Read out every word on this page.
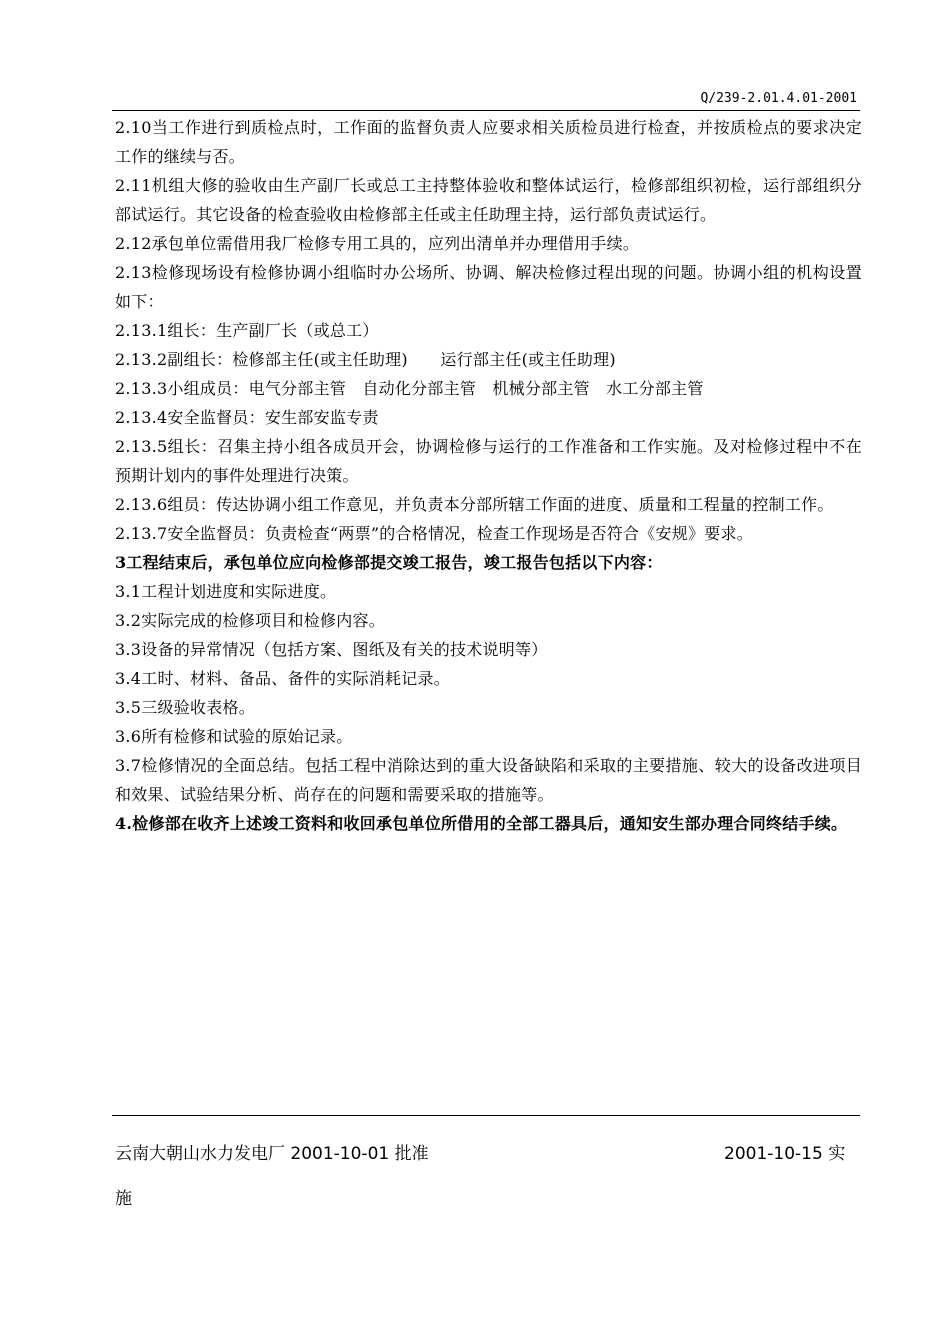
Q/239-2.01.4.01-2001

2.10当工作进行到质检点时，工作面的监督负责人应要求相关质检员进行检查，并按质检点的要求决定工作的继续与否。

2.11机组大修的验收由生产副厂长或总工主持整体验收和整体试运行，检修部组织初检，运行部组织分部试运行。其它设备的检查验收由检修部主任或主任助理主持，运行部负责试运行。

2.12承包单位需借用我厂检修专用工具的，应列出清单并办理借用手续。

2.13检修现场设有检修协调小组临时办公场所、协调、解决检修过程出现的问题。协调小组的机构设置如下：

2.13.1组长：生产副厂长（或总工）

2.13.2副组长：检修部主任(或主任助理)　　运行部主任(或主任助理)

2.13.3小组成员：电气分部主管　自动化分部主管　机械分部主管　水工分部主管

2.13.4安全监督员：安生部安监专责

2.13.5组长：召集主持小组各成员开会，协调检修与运行的工作准备和工作实施。及对检修过程中不在预期计划内的事件处理进行决策。

2.13.6组员：传达协调小组工作意见，并负责本分部所辖工作面的进度、质量和工程量的控制工作。

2.13.7安全监督员：负责检查“两票”的合格情况，检查工作现场是否符合《安规》要求。

3工程结束后，承包单位应向检修部提交竣工报告，竣工报告包括以下内容：

3.1工程计划进度和实际进度。

3.2实际完成的检修项目和检修内容。

3.3设备的异常情况（包括方案、图纸及有关的技术说明等）

3.4工时、材料、备品、备件的实际消耗记录。

3.5三级验收表格。

3.6所有检修和试验的原始记录。

3.7检修情况的全面总结。包括工程中消除达到的重大设备缺陷和采取的主要措施、较大的设备改进项目和效果、试验结果分析、尚存在的问题和需要采取的措施等。

4.检修部在收齐上述竣工资料和收回承包单位所借用的全部工器具后，通知安生部办理合同终结手续。

云南大朝山水力发电厂 2001-10-01 批准	2001-10-15 实
施
